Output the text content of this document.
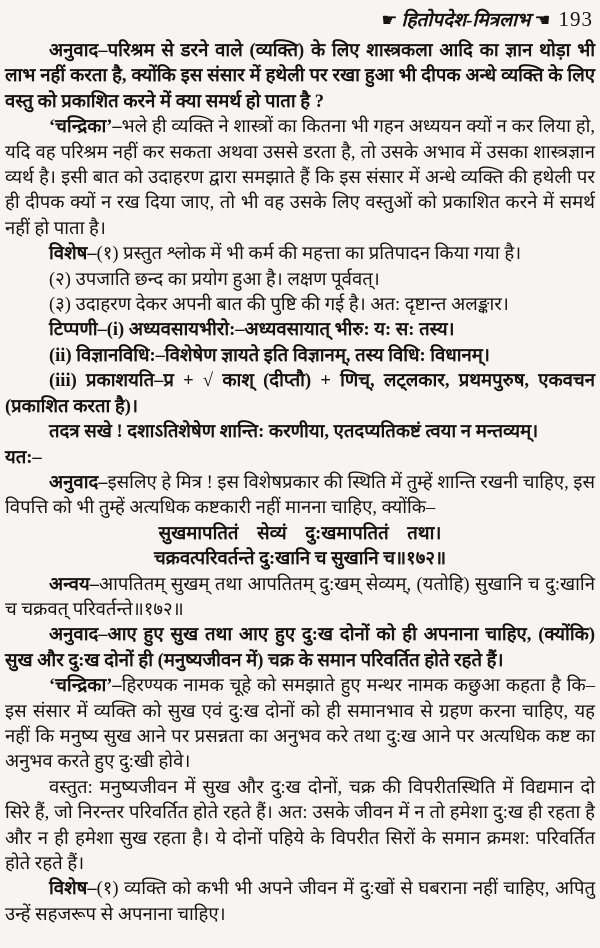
☛ हितोपदेश-मित्रलाभ ☚ 193

अनुवाद–परिश्रम से डरने वाले (व्यक्ति) के लिए शास्त्रकला आदि का ज्ञान थोड़ा भी लाभ नहीं करता है, क्योंकि इस संसार में हथेली पर रखा हुआ भी दीपक अन्धे व्यक्ति के लिए वस्तु को प्रकाशित करने में क्या समर्थ हो पाता है ?

‘चन्द्रिका’–भले ही व्यक्ति ने शास्त्रों का कितना भी गहन अध्ययन क्यों न कर लिया हो, यदि वह परिश्रम नहीं कर सकता अथवा उससे डरता है, तो उसके अभाव में उसका शास्त्रज्ञान व्यर्थ है। इसी बात को उदाहरण द्वारा समझाते हैं कि इस संसार में अन्धे व्यक्ति की हथेली पर ही दीपक क्यों न रख दिया जाए, तो भी वह उसके लिए वस्तुओं को प्रकाशित करने में समर्थ नहीं हो पाता है।

विशेष–(१) प्रस्तुत श्लोक में भी कर्म की महत्ता का प्रतिपादन किया गया है।

(२) उपजाति छन्द का प्रयोग हुआ है। लक्षण पूर्ववत्।

(३) उदाहरण देकर अपनी बात की पुष्टि की गई है। अत: दृष्टान्त अलङ्कार।

टिप्पणी–(i) अध्यवसायभीरो:–अध्यवसायात् भीरु: य: स: तस्य।

(ii) विज्ञानविधि:–विशेषेण ज्ञायते इति विज्ञानम्, तस्य विधि: विधानम्।

(iii) प्रकाशयति–प्र + √ काश् (दीप्तौ) + णिच्, लट्लकार, प्रथमपुरुष, एकवचन (प्रकाशित करता है)।

तदत्र सखे ! दशाऽतिशेषेण शान्ति: करणीया, एतदप्यतिकष्टं त्वया न मन्तव्यम्।

यत:–

अनुवाद–इसलिए हे मित्र ! इस विशेषप्रकार की स्थिति में तुम्हें शान्ति रखनी चाहिए, इस विपत्ति को भी तुम्हें अत्यधिक कष्टकारी नहीं मानना चाहिए, क्योंकि–

सुखमापतितं सेव्यं दु:खमापतितं तथा।

चक्रवत्परिवर्तन्ते दु:खानि च सुखानि च॥१७२॥

अन्वय–आपतितम् सुखम् तथा आपतितम् दु:खम् सेव्यम्, (यतोहि) सुखानि च दु:खानि च चक्रवत् परिवर्तन्ते॥१७२॥

अनुवाद–आए हुए सुख तथा आए हुए दु:ख दोनों को ही अपनाना चाहिए, (क्योंकि) सुख और दु:ख दोनों ही (मनुष्यजीवन में) चक्र के समान परिवर्तित होते रहते हैं।

‘चन्द्रिका’–हिरण्यक नामक चूहे को समझाते हुए मन्थर नामक कछुआ कहता है कि–इस संसार में व्यक्ति को सुख एवं दु:ख दोनों को ही समानभाव से ग्रहण करना चाहिए, यह नहीं कि मनुष्य सुख आने पर प्रसन्नता का अनुभव करे तथा दु:ख आने पर अत्यधिक कष्ट का अनुभव करते हुए दु:खी होवे।

वस्तुत: मनुष्यजीवन में सुख और दु:ख दोनों, चक्र की विपरीतस्थिति में विद्यमान दो सिरे हैं, जो निरन्तर परिवर्तित होते रहते हैं। अत: उसके जीवन में न तो हमेशा दु:ख ही रहता है और न ही हमेशा सुख रहता है। ये दोनों पहिये के विपरीत सिरों के समान क्रमश: परिवर्तित होते रहते हैं।

विशेष–(१) व्यक्ति को कभी भी अपने जीवन में दु:खों से घबराना नहीं चाहिए, अपितु उन्हें सहजरूप से अपनाना चाहिए।
